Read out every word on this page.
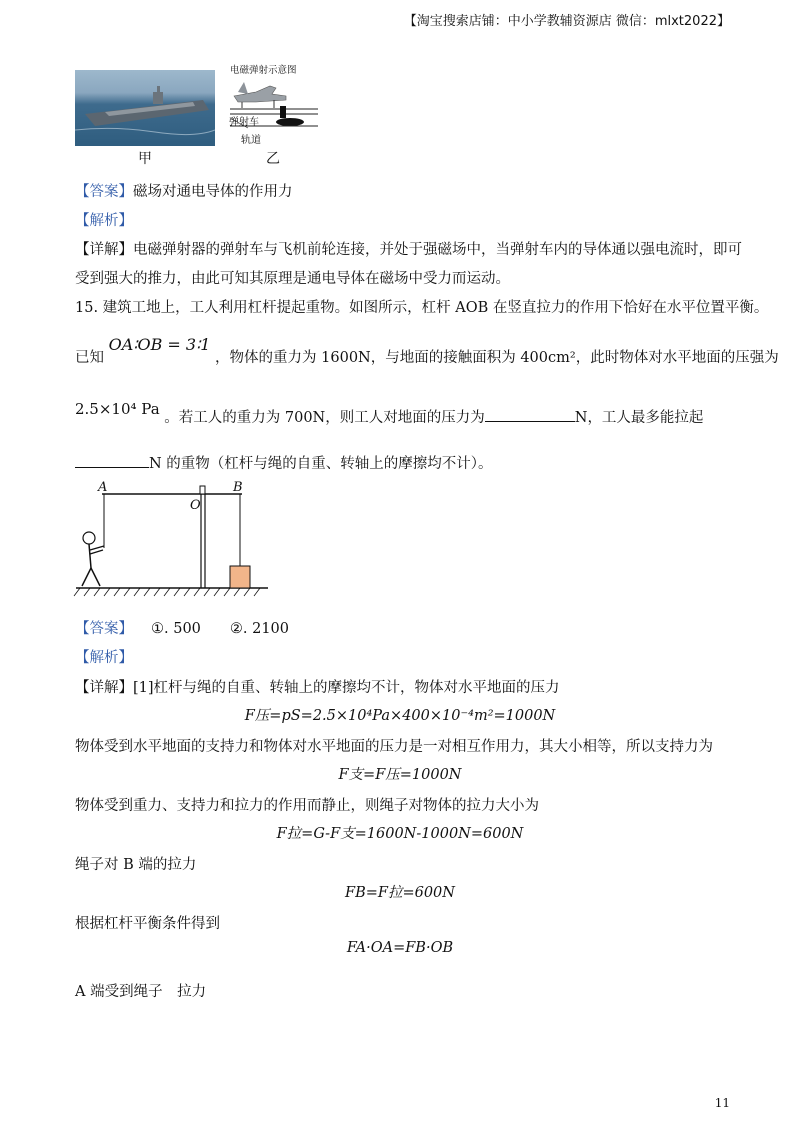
【淘宝搜索店铺：中小学教辅资源店 微信：mlxt2022】
甲
电磁弹射示意图
弹射车
轨道
乙
【答案】磁场对通电导体的作用力
【解析】
【详解】电磁弹射器的弹射车与飞机前轮连接，并处于强磁场中，当弹射车内的导体通以强电流时，即可
受到强大的推力，由此可知其原理是通电导体在磁场中受力而运动。
15. 建筑工地上，工人利用杠杆提起重物。如图所示，杠杆 AOB 在竖直拉力的作用下恰好在水平位置平衡。
已知 OA∶OB = 3∶1 ，物体的重力为 1600N，与地面的接触面积为 400cm²，此时物体对水平地面的压强为
2.5×10⁴ Pa 。若工人的重力为 700N，则工人对地面的压力为	N，工人最多能拉起
N 的重物（杠杆与绳的自重、转轴上的摩擦均不计）。
A	B
O
【答案】 ①. 500　　②. 2100
【解析】
【详解】[1]杠杆与绳的自重、转轴上的摩擦均不计，物体对水平地面的压力
F压=pS=2.5×10⁴Pa×400×10⁻⁴m²=1000N
物体受到水平地面的支持力和物体对水平地面的压力是一对相互作用力，其大小相等，所以支持力为
F支=F压=1000N
物体受到重力、支持力和拉力的作用而静止，则绳子对物体的拉力大小为
F拉=G-F支=1600N-1000N=600N
绳子对 B 端的拉力
FB=F拉=600N
根据杠杆平衡条件得到
FA·OA=FB·OB
A 端受到绳子　拉力
11
